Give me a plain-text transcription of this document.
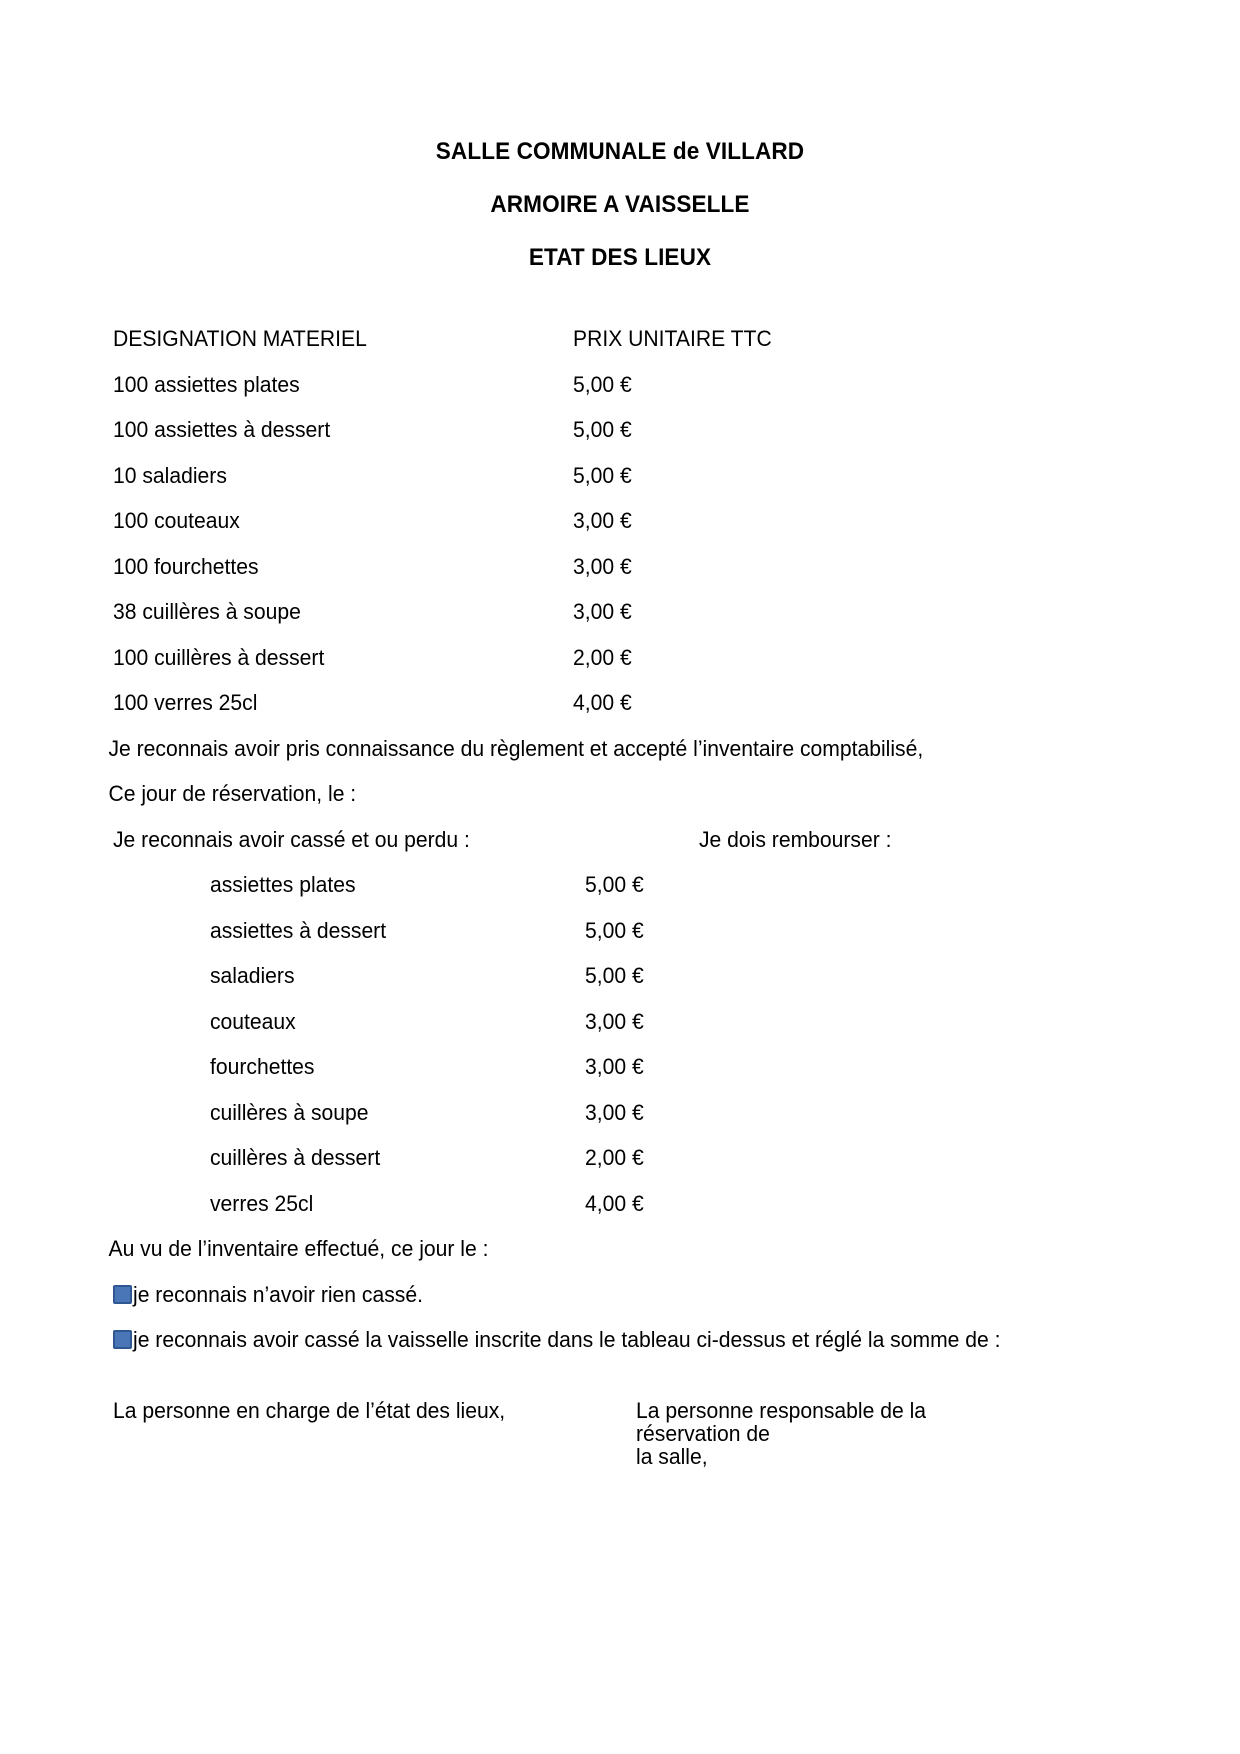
SALLE COMMUNALE de VILLARD
ARMOIRE A VAISSELLE
ETAT DES LIEUX
DESIGNATION MATERIEL	PRIX UNITAIRE TTC
100 assiettes plates	5,00 €
100 assiettes à dessert	5,00 €
10 saladiers	5,00 €
100 couteaux	3,00 €
100 fourchettes	3,00 €
38 cuillères à soupe	3,00 €
100 cuillères à dessert	2,00 €
100 verres 25cl	4,00 €
Je reconnais avoir pris connaissance du règlement et accepté l’inventaire comptabilisé,
Ce jour de réservation, le :
Je reconnais avoir cassé et ou perdu :	Je dois rembourser :
assiettes plates	5,00 €
assiettes à dessert	5,00 €
saladiers	5,00 €
couteaux	3,00 €
fourchettes	3,00 €
cuillères à soupe	3,00 €
cuillères à dessert	2,00 €
verres 25cl	4,00 €
Au vu de l’inventaire effectué, ce jour le :
je reconnais n’avoir rien cassé.
je reconnais avoir cassé la vaisselle inscrite dans le tableau ci-dessus et réglé la somme de :
La personne en charge de l’état des lieux,	La personne responsable de la réservation de
la salle,
